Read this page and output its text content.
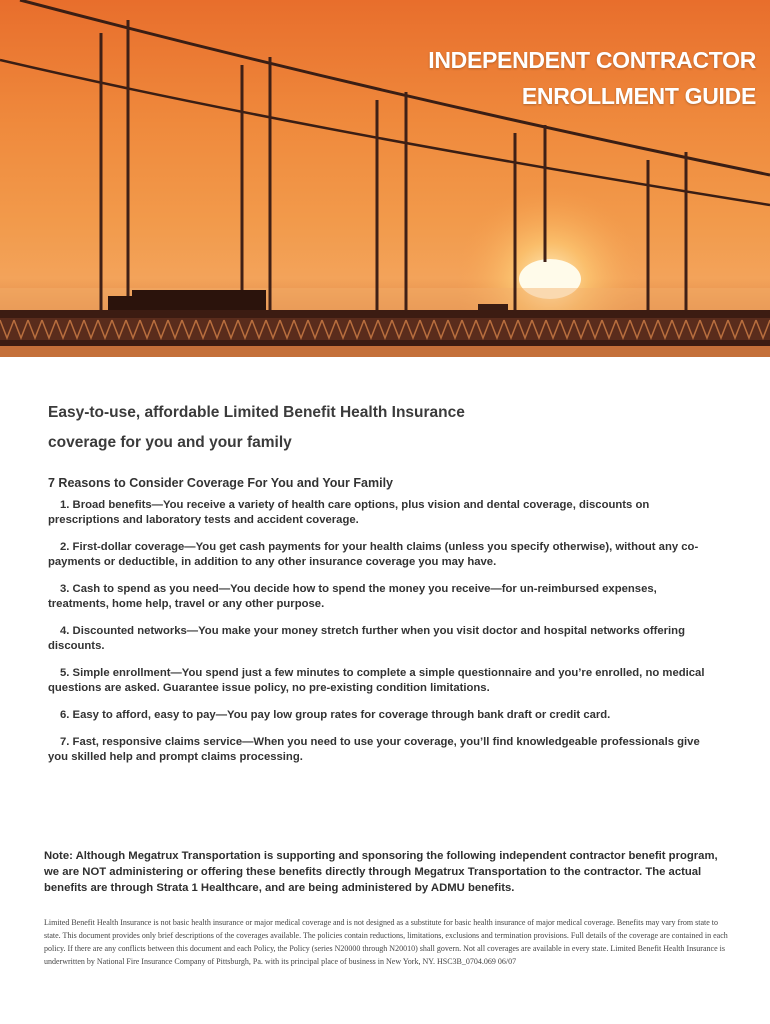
INDEPENDENT CONTRACTOR
ENROLLMENT GUIDE

Easy-to-use, affordable Limited Benefit Health Insurance
coverage for you and your family

7 Reasons to Consider Coverage For You and Your Family

1. Broad benefits—You receive a variety of health care options, plus vision and dental coverage, discounts on prescriptions and laboratory tests and accident coverage.

2. First-dollar coverage—You get cash payments for your health claims (unless you specify otherwise), without any co-payments or deductible, in addition to any other insurance coverage you may have.

3. Cash to spend as you need—You decide how to spend the money you receive—for un-reimbursed expenses, treatments, home help, travel or any other purpose.

4. Discounted networks—You make your money stretch further when you visit doctor and hospital networks offering discounts.

5. Simple enrollment—You spend just a few minutes to complete a simple questionnaire and you’re enrolled, no medical questions are asked. Guarantee issue policy, no pre-existing condition limitations.

6. Easy to afford, easy to pay—You pay low group rates for coverage through bank draft or credit card.

7. Fast, responsive claims service—When you need to use your coverage, you’ll find knowledgeable professionals give you skilled help and prompt claims processing.

Note: Although Megatrux Transportation is supporting and sponsoring the following independent contractor benefit program, we are NOT administering or offering these benefits directly through Megatrux Transportation to the contractor. The actual benefits are through Strata 1 Healthcare, and are being administered by ADMU benefits.
Limited Benefit Health Insurance is not basic health insurance or major medical coverage and is not designed as a substitute for basic health insurance of major medical coverage. Benefits may vary from state to state. This document provides only brief descriptions of the coverages available. The policies contain reductions, limitations, exclusions and termination provisions. Full details of the coverage are contained in each policy. If there are any conflicts between this document and each Policy, the Policy (series N20000 through N20010) shall govern. Not all coverages are available in every state. Limited Benefit Health Insurance is underwritten by National Fire Insurance Company of Pittsburgh, Pa. with its principal place of business in New York, NY. HSC3B_0704.069 06/07
